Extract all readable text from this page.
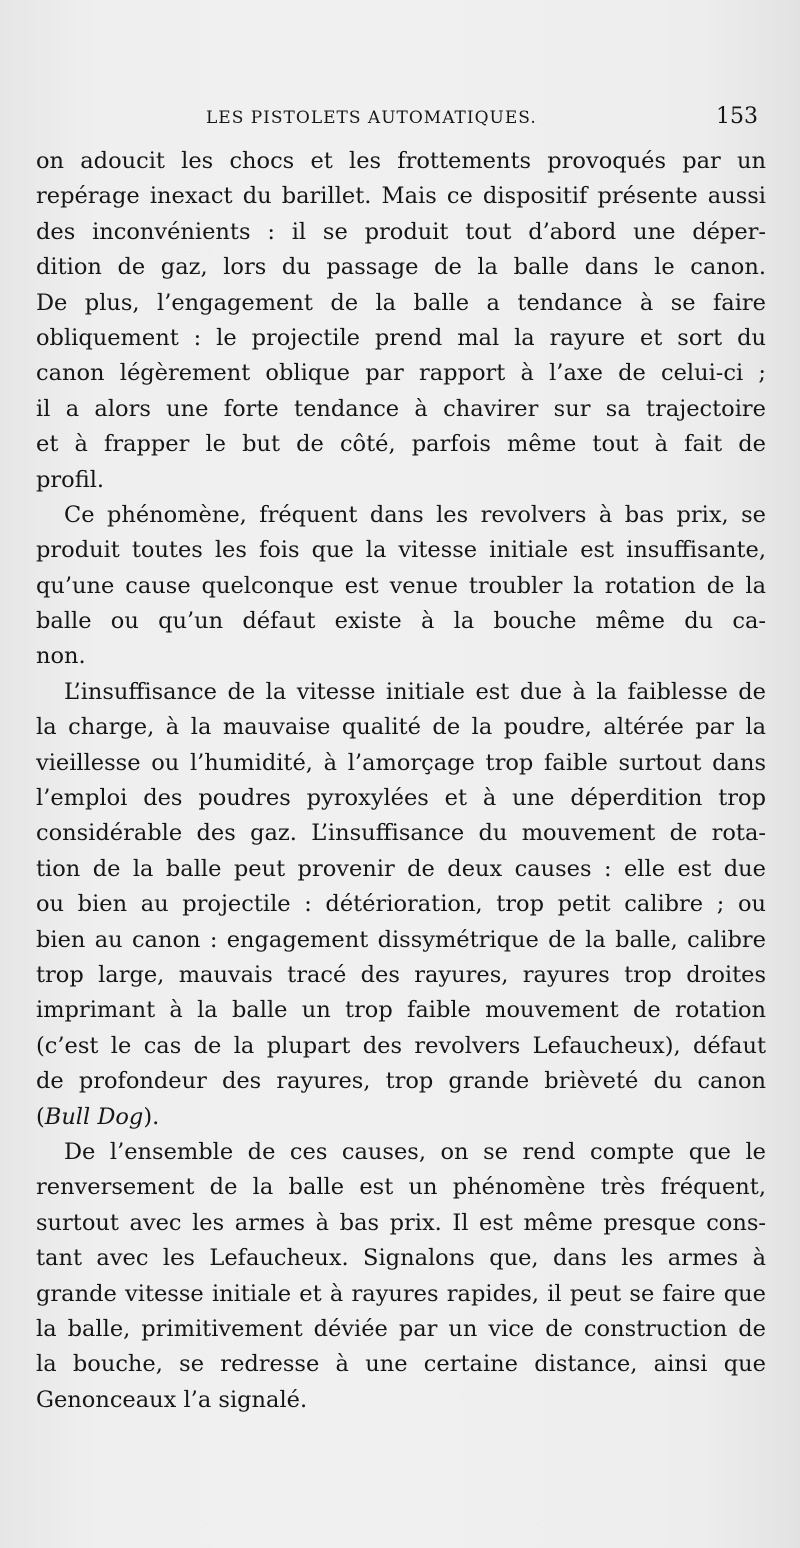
LES PISTOLETS AUTOMATIQUES.	153
on adoucit les chocs et les frottements provoqués par un
repérage inexact du barillet. Mais ce dispositif présente aussi
des inconvénients : il se produit tout d’abord une déper-
dition de gaz, lors du passage de la balle dans le canon.
De plus, l’engagement de la balle a tendance à se faire
obliquement : le projectile prend mal la rayure et sort du
canon légèrement oblique par rapport à l’axe de celui-ci ;
il a alors une forte tendance à chavirer sur sa trajectoire
et à frapper le but de côté, parfois même tout à fait de
profil.
Ce phénomène, fréquent dans les revolvers à bas prix, se
produit toutes les fois que la vitesse initiale est insuffisante,
qu’une cause quelconque est venue troubler la rotation de la
balle ou qu’un défaut existe à la bouche même du ca-
non.
L’insuffisance de la vitesse initiale est due à la faiblesse de
la charge, à la mauvaise qualité de la poudre, altérée par la
vieillesse ou l’humidité, à l’amorçage trop faible surtout dans
l’emploi des poudres pyroxylées et à une déperdition trop
considérable des gaz. L’insuffisance du mouvement de rota-
tion de la balle peut provenir de deux causes : elle est due
ou bien au projectile : détérioration, trop petit calibre ; ou
bien au canon : engagement dissymétrique de la balle, calibre
trop large, mauvais tracé des rayures, rayures trop droites
imprimant à la balle un trop faible mouvement de rotation
(c’est le cas de la plupart des revolvers Lefaucheux), défaut
de profondeur des rayures, trop grande brièveté du canon
(Bull Dog).
De l’ensemble de ces causes, on se rend compte que le
renversement de la balle est un phénomène très fréquent,
surtout avec les armes à bas prix. Il est même presque cons-
tant avec les Lefaucheux. Signalons que, dans les armes à
grande vitesse initiale et à rayures rapides, il peut se faire que
la balle, primitivement déviée par un vice de construction de
la bouche, se redresse à une certaine distance, ainsi que
Genonceaux l’a signalé.
